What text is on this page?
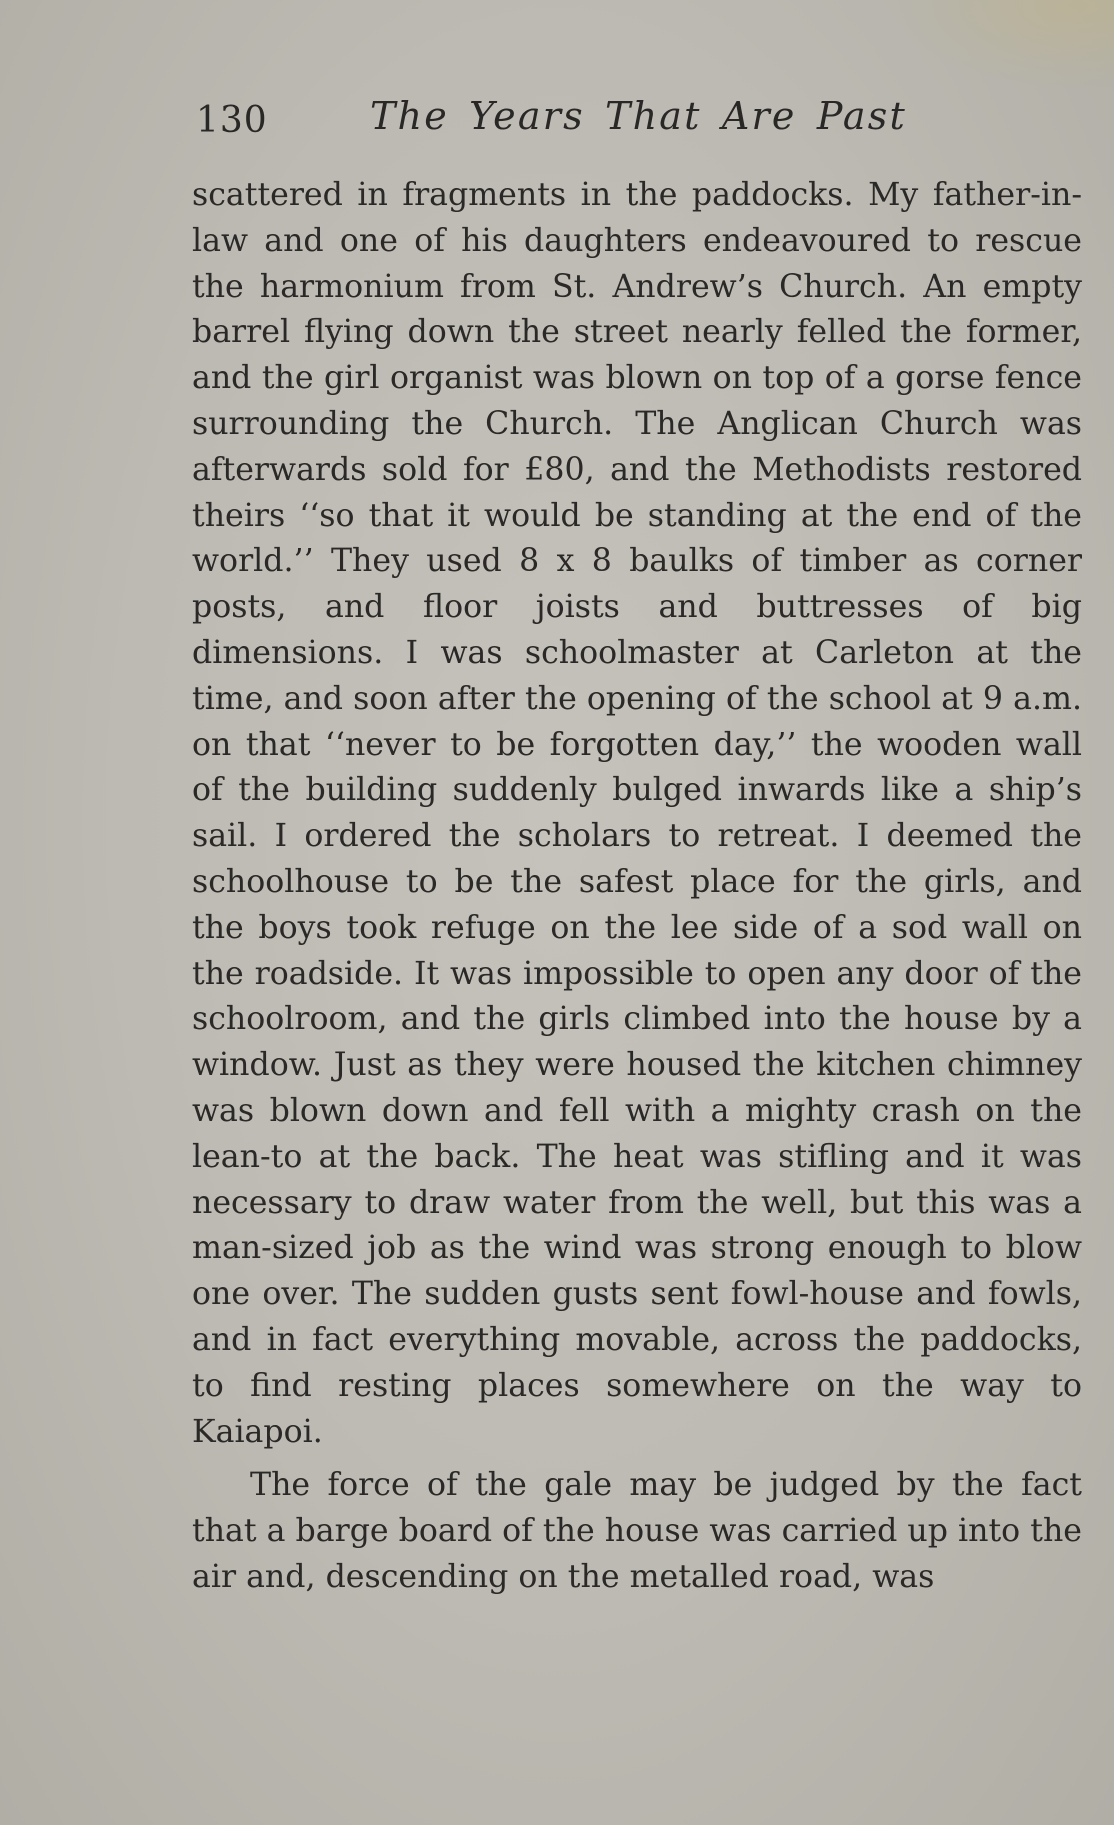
130	The Years That Are Past

scattered in fragments in the paddocks. My father-in-law and one of his daughters endeavoured to rescue the harmonium from St. Andrew’s Church. An empty barrel flying down the street nearly felled the former, and the girl organist was blown on top of a gorse fence surrounding the Church. The Anglican Church was afterwards sold for £80, and the Methodists restored theirs ‘‘so that it would be standing at the end of the world.’’ They used 8 x 8 baulks of timber as corner posts, and floor joists and buttresses of big dimensions. I was schoolmaster at Carleton at the time, and soon after the opening of the school at 9 a.m. on that ‘‘never to be forgotten day,’’ the wooden wall of the building suddenly bulged inwards like a ship’s sail. I ordered the scholars to retreat. I deemed the schoolhouse to be the safest place for the girls, and the boys took refuge on the lee side of a sod wall on the roadside. It was impossible to open any door of the schoolroom, and the girls climbed into the house by a window. Just as they were housed the kitchen chimney was blown down and fell with a mighty crash on the lean-to at the back. The heat was stifling and it was necessary to draw water from the well, but this was a man-sized job as the wind was strong enough to blow one over. The sudden gusts sent fowl-house and fowls, and in fact everything movable, across the paddocks, to find resting places somewhere on the way to Kaiapoi.

The force of the gale may be judged by the fact that a barge board of the house was carried up into the air and, descending on the metalled road, was
